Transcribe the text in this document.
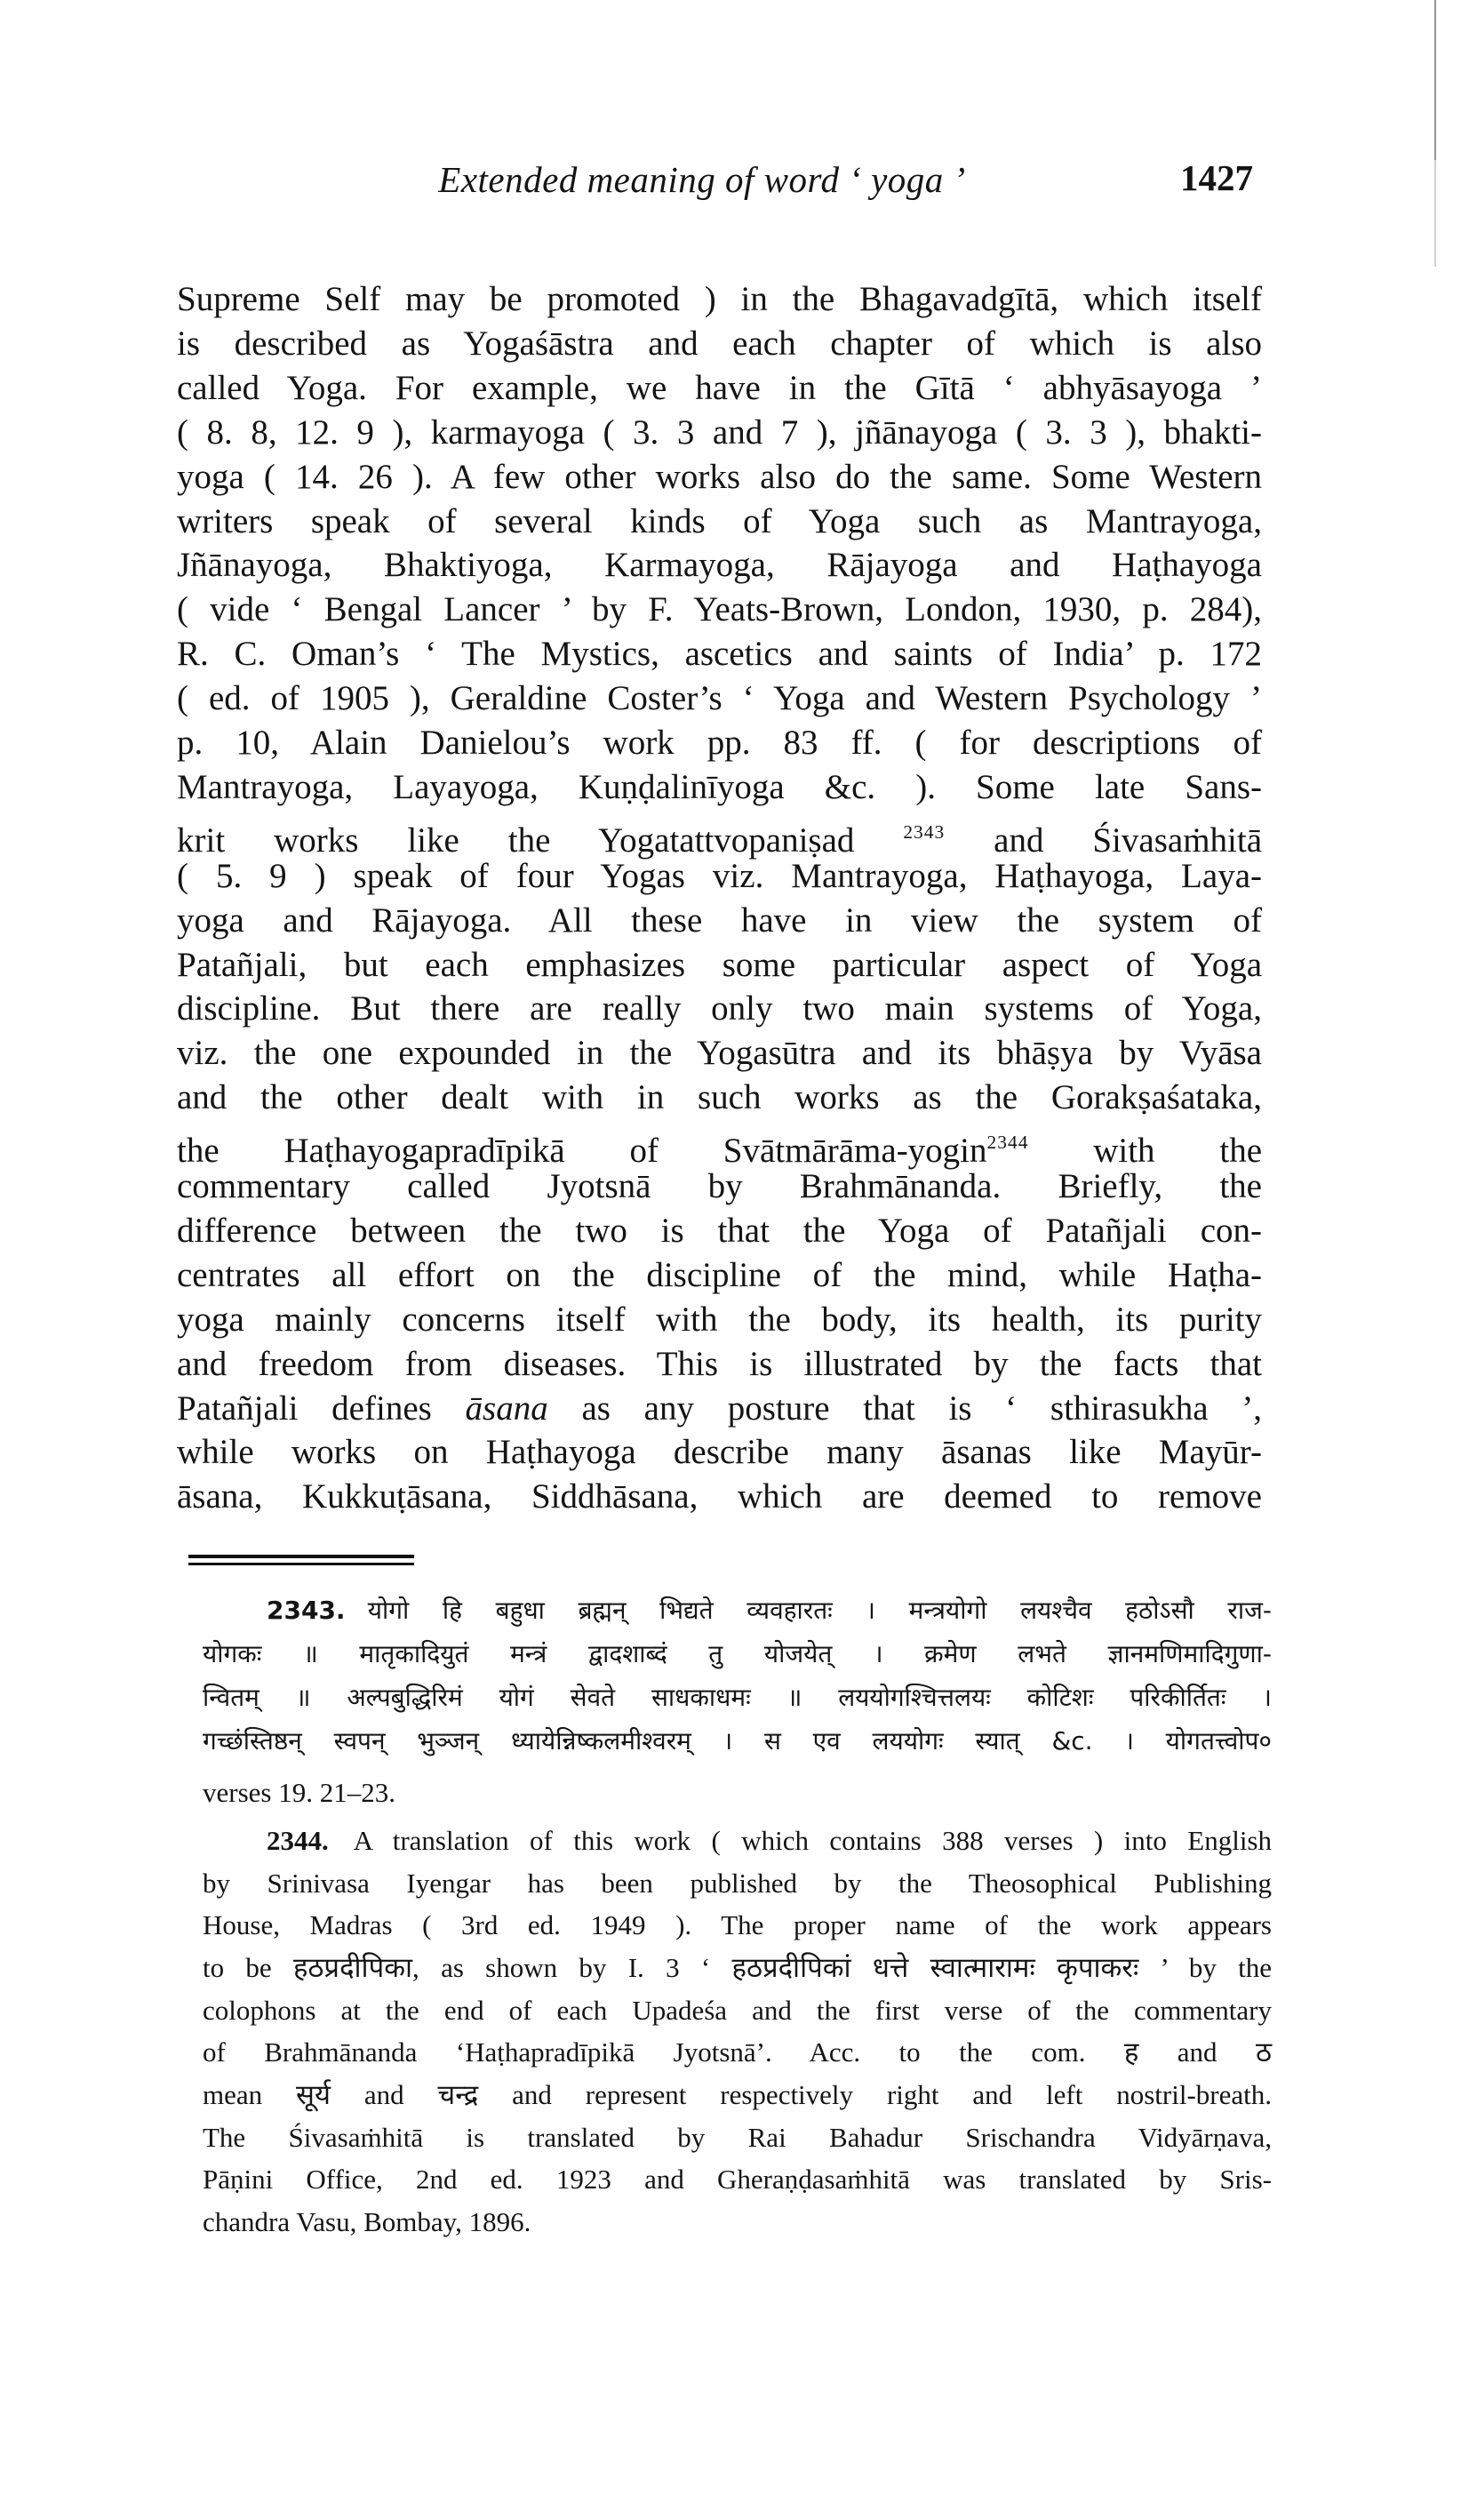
Extended meaning of word ‘ yoga ’	1427
Supreme Self may be promoted ) in the Bhagavadgītā, which itself
is described as Yogaśāstra and each chapter of which is also
called Yoga. For example, we have in the Gītā ‘ abhyāsayoga ’
( 8. 8, 12. 9 ), karmayoga ( 3. 3 and 7 ), jñānayoga ( 3. 3 ), bhakti-
yoga ( 14. 26 ). A few other works also do the same. Some Western
writers speak of several kinds of Yoga such as Mantrayoga,
Jñānayoga, Bhaktiyoga, Karmayoga, Rājayoga and Haṭhayoga
( vide ‘ Bengal Lancer ’ by F. Yeats-Brown, London, 1930, p. 284),
R. C. Oman’s ‘ The Mystics, ascetics and saints of India’ p. 172
( ed. of 1905 ), Geraldine Coster’s ‘ Yoga and Western Psychology ’
p. 10, Alain Danielou’s work pp. 83 ff. ( for descriptions of
Mantrayoga, Layayoga, Kuṇḍalinīyoga &c. ). Some late Sans-
krit works like the Yogatattvopaniṣad $^{2343}$ and Śivasaṁhitā
( 5. 9 ) speak of four Yogas viz. Mantrayoga, Haṭhayoga, Laya-
yoga and Rājayoga. All these have in view the system of
Patañjali, but each emphasizes some particular aspect of Yoga
discipline. But there are really only two main systems of Yoga,
viz. the one expounded in the Yogasūtra and its bhāṣya by Vyāsa
and the other dealt with in such works as the Gorakṣaśataka,
the Haṭhayogapradīpikā of Svātmārāma-yogin$^{2344}$ with the
commentary called Jyotsnā by Brahmānanda. Briefly, the
difference between the two is that the Yoga of Patañjali con-
centrates all effort on the discipline of the mind, while Haṭha-
yoga mainly concerns itself with the body, its health, its purity
and freedom from diseases. This is illustrated by the facts that
Patañjali defines āsana as any posture that is ‘ sthirasukha ’,
while works on Haṭhayoga describe many āsanas like Mayūr-
āsana, Kukkuṭāsana, Siddhāsana, which are deemed to remove
2343. योगो हि बहुधा ब्रह्मन् भिद्यते व्यवहारतः । मन्त्रयोगो लयश्चैव हठोऽसौ राज-
योगकः ॥ मातृकादियुतं मन्त्रं द्वादशाब्दं तु योजयेत् । क्रमेण लभते ज्ञानमणिमादिगुणा-
न्वितम् ॥ अल्पबुद्धिरिमं योगं सेवते साधकाधमः ॥ लययोगश्चित्तलयः कोटिशः परिकीर्तितः ।
गच्छंस्तिष्ठन् स्वपन् भुञ्जन् ध्यायेन्निष्कलमीश्वरम् । स एव लययोगः स्यात् &c. । योगतत्त्वोप०
verses 19. 21–23.
2344. A translation of this work ( which contains 388 verses ) into English
by Srinivasa Iyengar has been published by the Theosophical Publishing
House, Madras ( 3rd ed. 1949 ). The proper name of the work appears
to be हठप्रदीपिका, as shown by I. 3 ‘ हठप्रदीपिकां धत्ते स्वात्मारामः कृपाकरः ’ by the
colophons at the end of each Upadeśa and the first verse of the commentary
of Brahmānanda ‘Haṭhapradīpikā Jyotsnā’. Acc. to the com. ह and ठ
mean सूर्य and चन्द्र and represent respectively right and left nostril-breath.
The Śivasaṁhitā is translated by Rai Bahadur Srischandra Vidyārṇava,
Pāṇini Office, 2nd ed. 1923 and Gheraṇḍasaṁhitā was translated by Sris-
chandra Vasu, Bombay, 1896.
